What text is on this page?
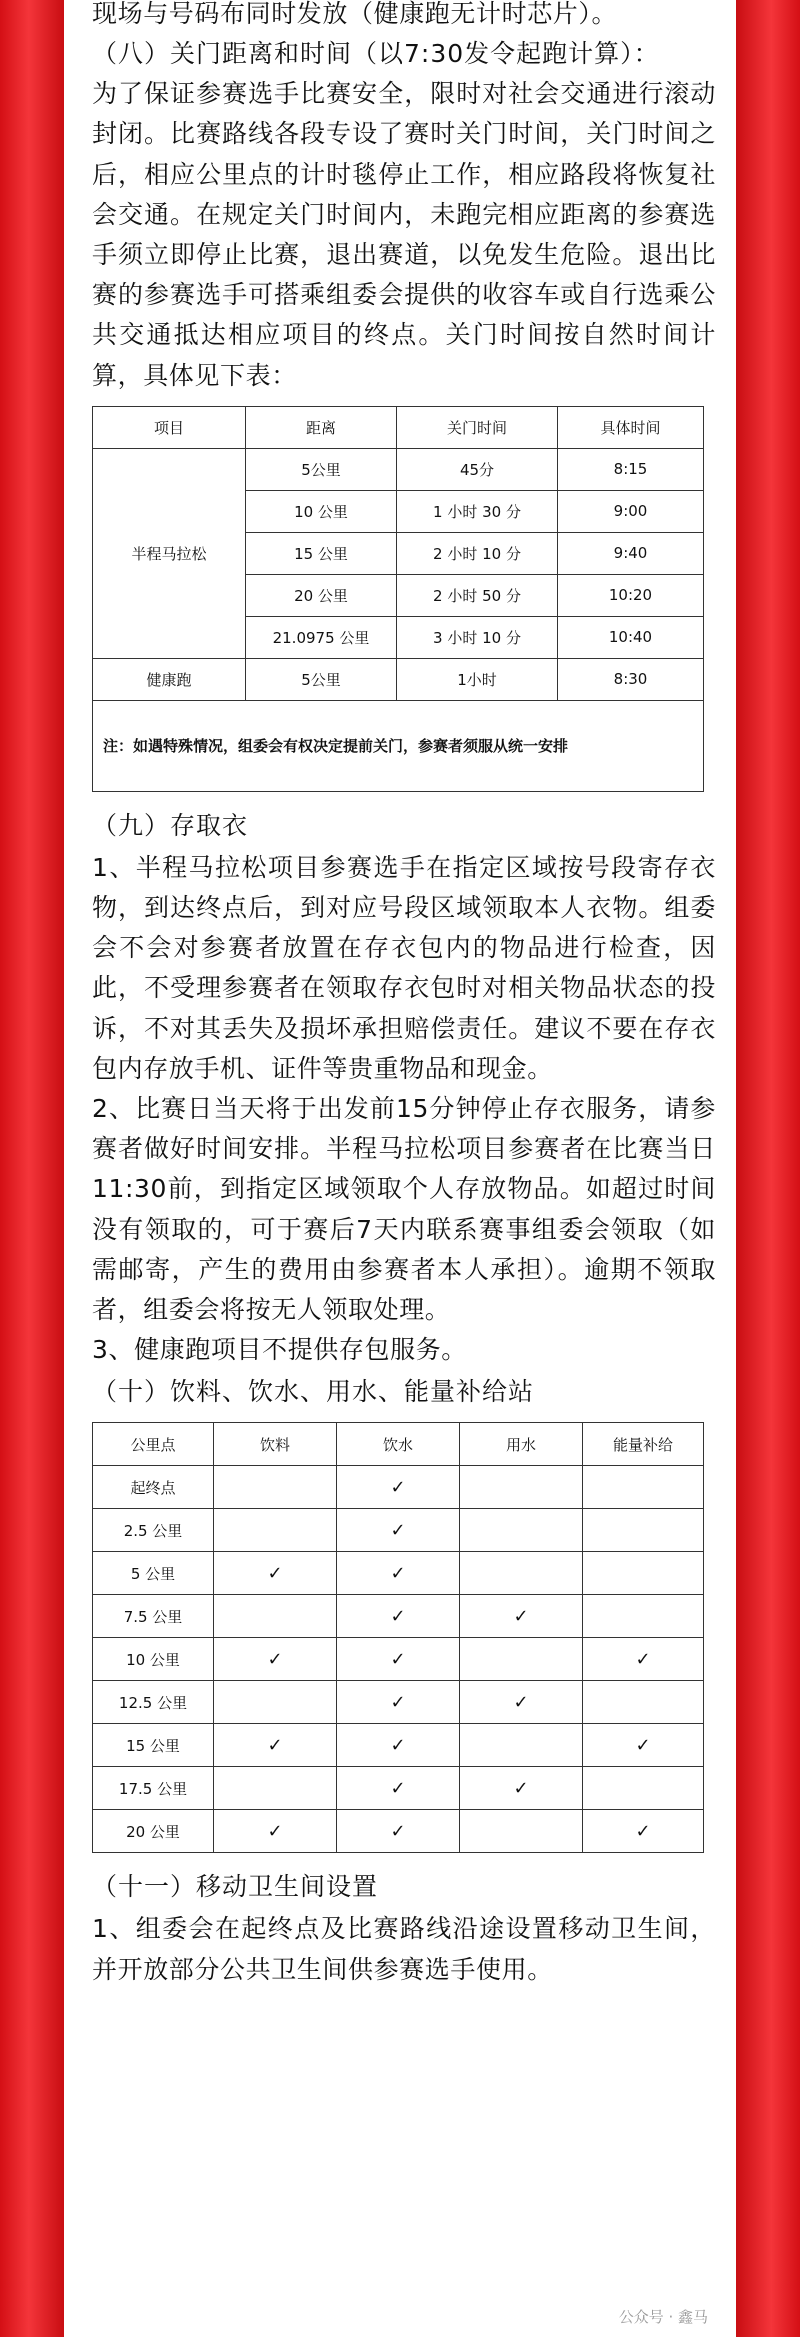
现场与号码布同时发放（健康跑无计时芯片）。

（八）关门距离和时间（以7:30发令起跑计算）：

为了保证参赛选手比赛安全，限时对社会交通进行滚动封闭。比赛路线各段专设了赛时关门时间，关门时间之后，相应公里点的计时毯停止工作，相应路段将恢复社会交通。在规定关门时间内，未跑完相应距离的参赛选手须立即停止比赛，退出赛道，以免发生危险。退出比赛的参赛选手可搭乘组委会提供的收容车或自行选乘公共交通抵达相应项目的终点。关门时间按自然时间计算，具体见下表：

项目	距离	关门时间	具体时间
半程马拉松	5公里	45分	8:15
	10 公里	1 小时 30 分	9:00
	15 公里	2 小时 10 分	9:40
	20 公里	2 小时 50 分	10:20
	21.0975 公里	3 小时 10 分	10:40
健康跑	5公里	1小时	8:30
注：如遇特殊情况，组委会有权决定提前关门，参赛者须服从统一安排			

（九）存取衣

1、半程马拉松项目参赛选手在指定区域按号段寄存衣物，到达终点后，到对应号段区域领取本人衣物。组委会不会对参赛者放置在存衣包内的物品进行检查，因此，不受理参赛者在领取存衣包时对相关物品状态的投诉，不对其丢失及损坏承担赔偿责任。建议不要在存衣包内存放手机、证件等贵重物品和现金。

2、比赛日当天将于出发前15分钟停止存衣服务，请参赛者做好时间安排。半程马拉松项目参赛者在比赛当日11:30前，到指定区域领取个人存放物品。如超过时间没有领取的，可于赛后7天内联系赛事组委会领取（如需邮寄，产生的费用由参赛者本人承担）。逾期不领取者，组委会将按无人领取处理。

3、健康跑项目不提供存包服务。

（十）饮料、饮水、用水、能量补给站

公里点	饮料	饮水	用水	能量补给
起终点		✓		
2.5 公里		✓		
5 公里	✓	✓		
7.5 公里		✓	✓	
10 公里	✓	✓		✓
12.5 公里		✓	✓	
15 公里	✓	✓		✓
17.5 公里		✓	✓	
20 公里	✓	✓		✓

（十一）移动卫生间设置

1、组委会在起终点及比赛路线沿途设置移动卫生间，并开放部分公共卫生间供参赛选手使用。

公众号 · 鑫马
